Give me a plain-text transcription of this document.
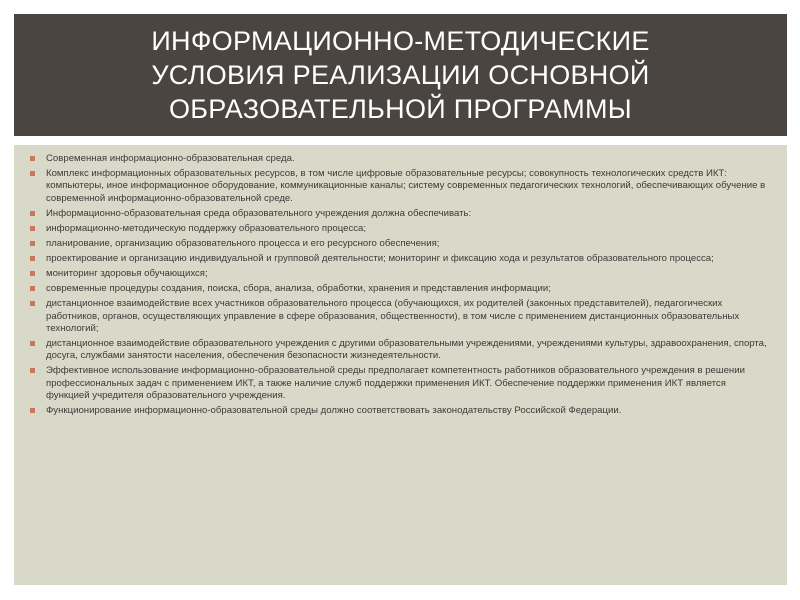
ИНФОРМАЦИОННО-МЕТОДИЧЕСКИЕ УСЛОВИЯ РЕАЛИЗАЦИИ ОСНОВНОЙ ОБРАЗОВАТЕЛЬНОЙ ПРОГРАММЫ
Современная информационно-образовательная среда.
Комплекс информационных образовательных ресурсов, в том числе цифровые образовательные ресурсы; совокупность технологических средств ИКТ: компьютеры, иное информационное оборудование, коммуникационные каналы; систему современных педагогических технологий, обеспечивающих обучение в современной информационно-образовательной среде.
Информационно-образовательная среда образовательного учреждения должна обеспечивать:
информационно-методическую поддержку образовательного процесса;
планирование, организацию образовательного процесса и его ресурсного обеспечения;
проектирование и организацию индивидуальной и групповой деятельности; мониторинг и фиксацию хода и результатов образовательного процесса;
мониторинг здоровья обучающихся;
современные процедуры создания, поиска, сбора, анализа, обработки, хранения и представления информации;
дистанционное взаимодействие всех участников образовательного процесса (обучающихся, их родителей (законных представителей), педагогических работников, органов, осуществляющих управление в сфере образования, общественности), в том числе с применением дистанционных образовательных технологий;
дистанционное взаимодействие образовательного учреждения с другими образовательными учреждениями, учреждениями культуры, здравоохранения, спорта, досуга, службами занятости населения, обеспечения безопасности жизнедеятельности.
Эффективное использование информационно-образовательной среды предполагает компетентность работников образовательного учреждения в решении профессиональных задач с применением ИКТ, а также наличие служб поддержки применения ИКТ. Обеспечение поддержки применения ИКТ является функцией учредителя образовательного учреждения.
Функционирование информационно-образовательной среды должно соответствовать законодательству Российской Федерации.
